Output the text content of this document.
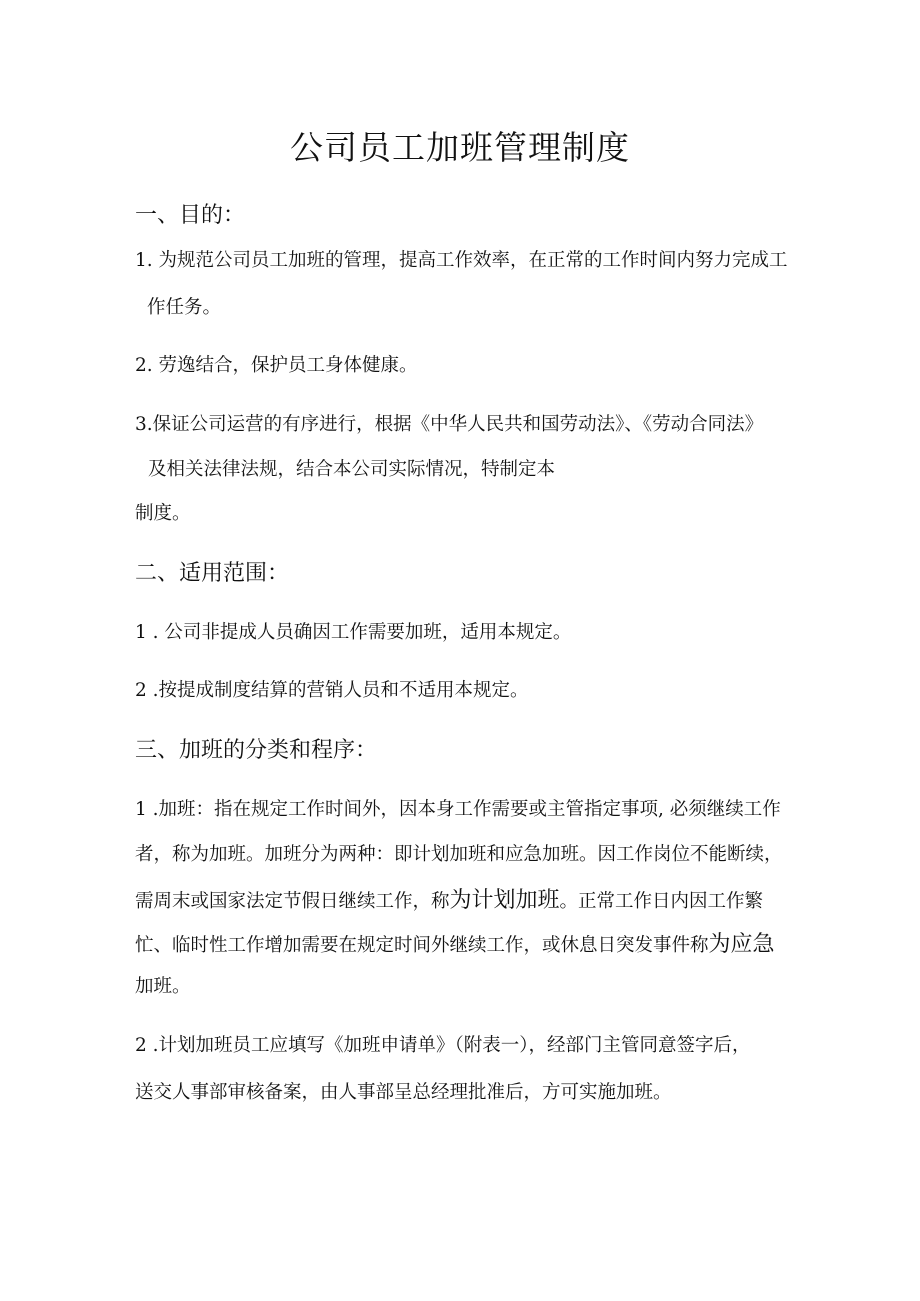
公司员工加班管理制度
一、目的：
1. 为规范公司员工加班的管理，提高工作效率，在正常的工作时间内努力完成工
作任务。
2. 劳逸结合，保护员工身体健康。
3.保证公司运营的有序进行，根据《中华人民共和国劳动法》、《劳动合同法》
及相关法律法规，结合本公司实际情况，特制定本
制度。
二、适用范围：
1 . 公司非提成人员确因工作需要加班，适用本规定。
2 .按提成制度结算的营销人员和不适用本规定。
三、加班的分类和程序：
1 .加班：指在规定工作时间外，因本身工作需要或主管指定事项, 必须继续工作
者，称为加班。加班分为两种：即计划加班和应急加班。因工作岗位不能断续，
需周末或国家法定节假日继续工作，称为计划加班。正常工作日内因工作繁
忙、临时性工作增加需要在规定时间外继续工作，或休息日突发事件称为应急
加班。
2 .计划加班员工应填写《加班申请单》（附表一），经部门主管同意签字后，
送交人事部审核备案，由人事部呈总经理批准后，方可实施加班。
